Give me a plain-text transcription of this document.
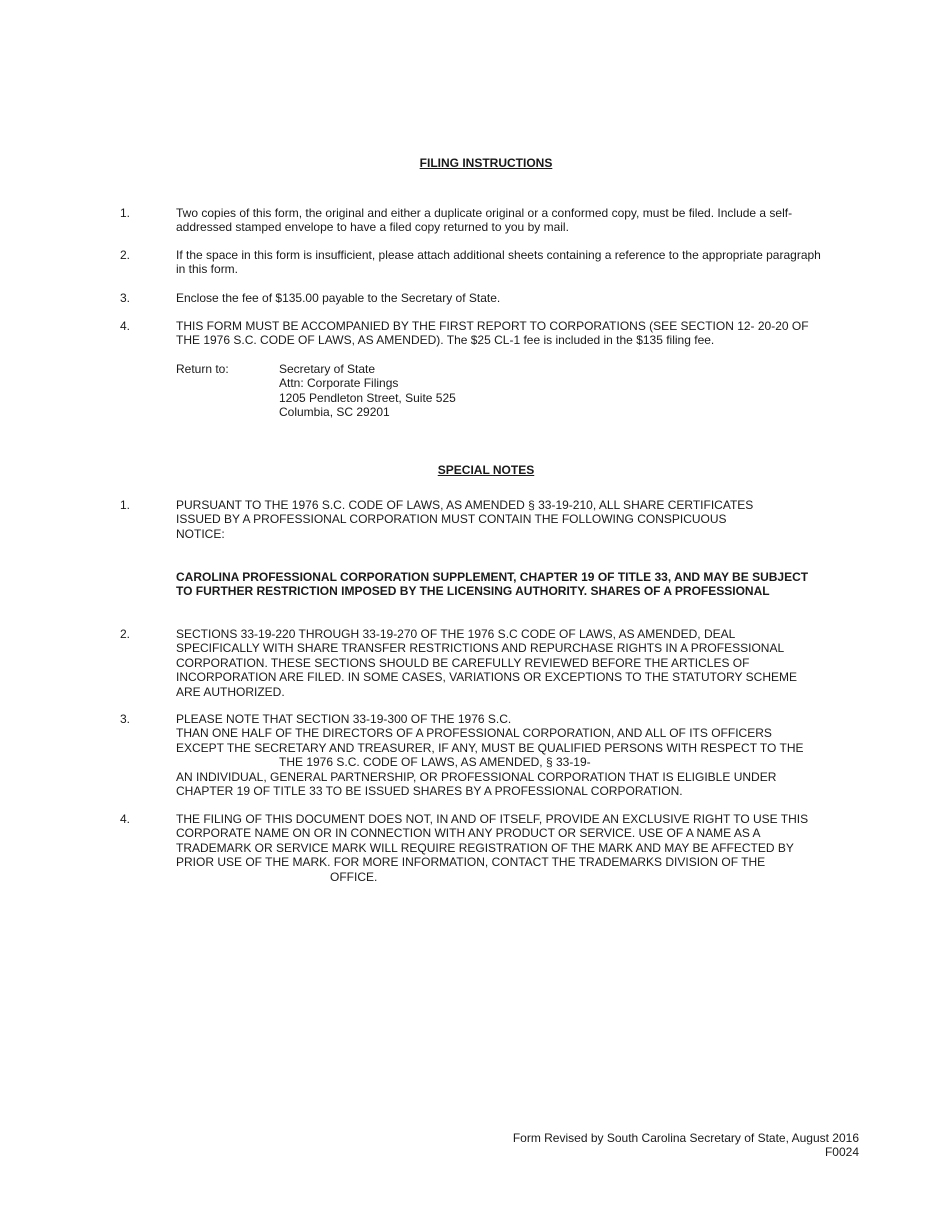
FILING INSTRUCTIONS
1.	Two copies of this form, the original and either a duplicate original or a conformed copy, must be filed. Include a self-

addressed stamped envelope to have a filed copy returned to you by mail.

2.	If the space in this form is insufficient, please attach additional sheets containing a reference to the appropriate paragraph

in this form.

3.	Enclose the fee of $135.00 payable to the Secretary of State.

4.	THIS FORM MUST BE ACCOMPANIED BY THE FIRST REPORT TO CORPORATIONS (SEE SECTION 12- 20-20 OF

THE 1976 S.C. CODE OF LAWS, AS AMENDED). The $25 CL-1 fee is included in the $135 filing fee.

Return to:	Secretary of State
Attn: Corporate Filings
1205 Pendleton Street, Suite 525
Columbia, SC 29201
SPECIAL NOTES
1.	PURSUANT TO THE 1976 S.C. CODE OF LAWS, AS AMENDED § 33-19-210, ALL SHARE CERTIFICATES

ISSUED BY A PROFESSIONAL CORPORATION MUST CONTAIN THE FOLLOWING CONSPICUOUS

NOTICE:

CAROLINA PROFESSIONAL CORPORATION SUPPLEMENT, CHAPTER 19 OF TITLE 33, AND MAY BE SUBJECT

TO FURTHER RESTRICTION IMPOSED BY THE LICENSING AUTHORITY. SHARES OF A PROFESSIONAL

2.	SECTIONS 33-19-220 THROUGH 33-19-270 OF THE 1976 S.C CODE OF LAWS, AS AMENDED, DEAL

SPECIFICALLY WITH SHARE TRANSFER RESTRICTIONS AND REPURCHASE RIGHTS IN A PROFESSIONAL

CORPORATION. THESE SECTIONS SHOULD BE CAREFULLY REVIEWED BEFORE THE ARTICLES OF

INCORPORATION ARE FILED. IN SOME CASES, VARIATIONS OR EXCEPTIONS TO THE STATUTORY SCHEME

ARE AUTHORIZED.

3.	PLEASE NOTE THAT SECTION 33-19-300 OF THE 1976 S.C.

THAN ONE HALF OF THE DIRECTORS OF A PROFESSIONAL CORPORATION, AND ALL OF ITS OFFICERS

EXCEPT THE SECRETARY AND TREASURER, IF ANY, MUST BE QUALIFIED PERSONS WITH RESPECT TO THE

THE 1976 S.C. CODE OF LAWS, AS AMENDED, § 33-19-

AN INDIVIDUAL, GENERAL PARTNERSHIP, OR PROFESSIONAL CORPORATION THAT IS ELIGIBLE UNDER

CHAPTER 19 OF TITLE 33 TO BE ISSUED SHARES BY A PROFESSIONAL CORPORATION.

4.	THE FILING OF THIS DOCUMENT DOES NOT, IN AND OF ITSELF, PROVIDE AN EXCLUSIVE RIGHT TO USE THIS

CORPORATE NAME ON OR IN CONNECTION WITH ANY PRODUCT OR SERVICE. USE OF A NAME AS A

TRADEMARK OR SERVICE MARK WILL REQUIRE REGISTRATION OF THE MARK AND MAY BE AFFECTED BY

PRIOR USE OF THE MARK. FOR MORE INFORMATION, CONTACT THE TRADEMARKS DIVISION OF THE

OFFICE.

Form Revised by South Carolina Secretary of State, August 2016
F0024
